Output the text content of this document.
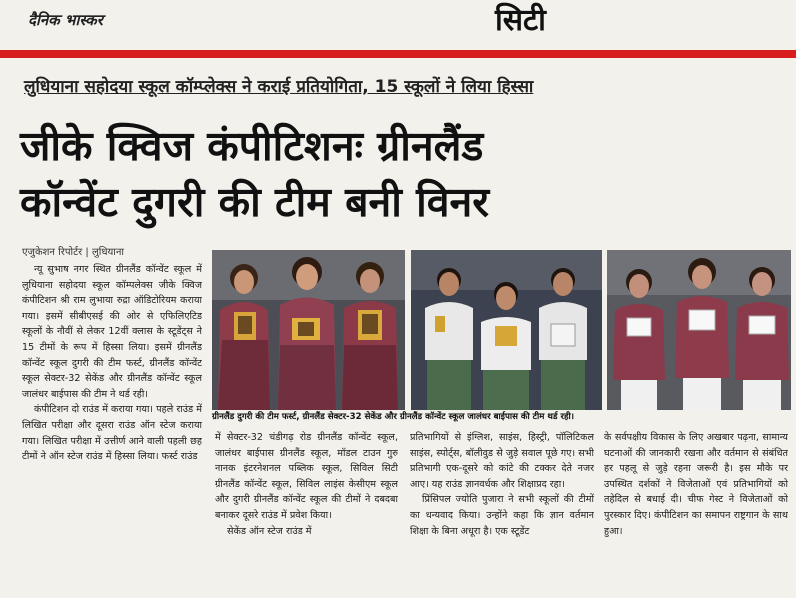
दैनिक भास्कर	सिटी
लुधियाना सहोदया स्कूल कॉम्प्लेक्स ने कराई प्रतियोगिता, 15 स्कूलों ने लिया हिस्सा
जीके क्विज कंपीटिशनः ग्रीनलैंड
कॉन्वेंट दुगरी की टीम बनी विनर
एजुकेशन रिपोर्टर | लुधियाना

न्यू सुभाष नगर स्थित ग्रीनलैंड कॉन्वेंट स्कूल में लुधियाना सहोदया स्कूल कॉम्पलेक्स जीके क्विज कंपीटिशन श्री राम लुभाया रुद्रा ऑडिटोरियम कराया गया। इसमें सीबीएसई की ओर से एफिलिएटिड स्कूलों के नौवीं से लेकर 12वीं क्लास के स्टूडेंट्स ने 15 टीमों के रूप में हिस्सा लिया। इसमें ग्रीनलैंड कॉन्वेंट स्कूल दुगरी की टीम फर्स्ट, ग्रीनलैंड कॉन्वेंट स्कूल सेक्टर-32 सेकेंड और ग्रीनलैंड कॉन्वेंट स्कूल जालंधर बाईपास की टीम ने थर्ड रही।

कंपीटिशन दो राउंड में कराया गया। पहले राउंड में लिखित परीक्षा और दूसरा राउंड ऑन स्टेज कराया गया। लिखित परीक्षा में उत्तीर्ण आने वाली पहली छह टीमों ने ऑन स्टेज राउंड में हिस्सा लिया। फर्स्ट राउंड

ग्रीनलैंड दुगरी की टीम फर्स्ट, ग्रीनलैंड सेक्टर-32 सेकेंड और ग्रीनलैंड कॉन्वेंट स्कूल जालंधर बाईपास की टीम थर्ड रही।

में सेक्टर-32 चंडीगढ़ रोड ग्रीनलैंड कॉन्वेंट स्कूल, जालंधर बाईपास ग्रीनलैंड स्कूल, मॉडल टाउन गुरु नानक इंटरनेशनल पब्लिक स्कूल, सिविल सिटी ग्रीनलैंड कॉन्वेंट स्कूल, सिविल लाइंस केसीएम स्कूल और दुगरी ग्रीनलैंड कॉन्वेंट स्कूल की टीमों ने दबदबा बनाकर दूसरे राउंड में प्रवेश किया।

सेकेंड ऑन स्टेज राउंड में

प्रतिभागियों से इंग्लिश, साइंस, हिस्ट्री, पॉलिटिकल साइंस, स्पोर्ट्स, बॉलीवुड से जुड़े सवाल पूछे गए। सभी प्रतिभागी एक-दूसरे को कांटे की टक्कर देते नजर आए। यह राउंड ज्ञानवर्धक और शिक्षाप्रद रहा।

प्रिंसिपल ज्योति पुजारा ने सभी स्कूलों की टीमों का धन्यवाद किया। उन्होंने कहा कि ज्ञान वर्तमान शिक्षा के बिना अधूरा है। एक स्टूडेंट

के सर्वपक्षीय विकास के लिए अखबार पढ़ना, सामान्य घटनाओं की जानकारी रखना और वर्तमान से संबंधित हर पहलू से जुड़े रहना जरूरी है। इस मौके पर उपस्थित दर्शकों ने विजेताओं एवं प्रतिभागियों को तहेदिल से बधाई दी। चीफ गेस्ट ने विजेताओं को पुरस्कार दिए। कंपीटिशन का समापन राष्ट्रगान के साथ हुआ।
